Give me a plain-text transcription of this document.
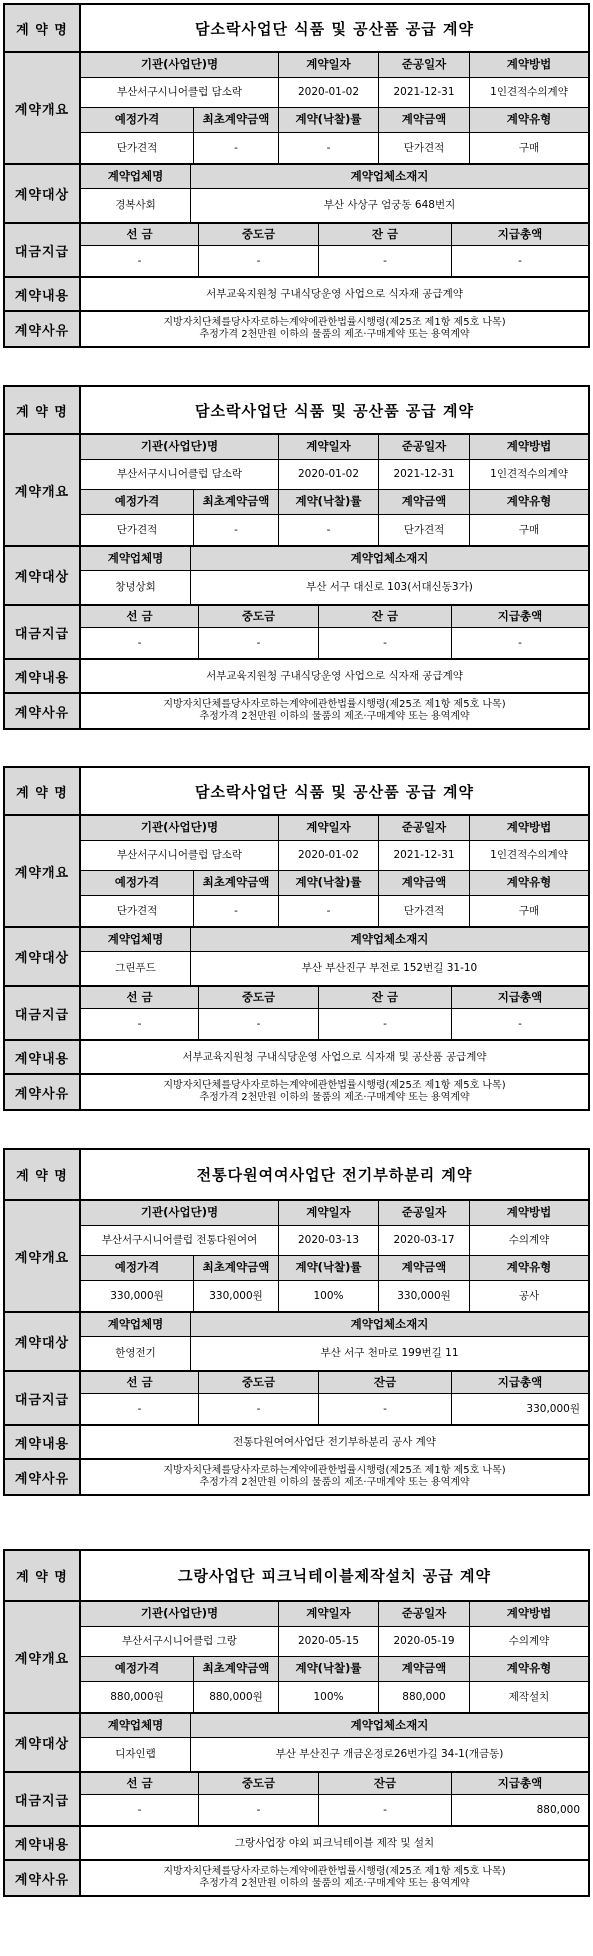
계 약 명	담소락사업단 식품 및 공산품 공급 계약
계약개요
기관(사업단)명	계약일자	준공일자	계약방법
부산서구시니어클럽 담소락	2020-01-02	2021-12-31	1인견적수의계약
예정가격	최초계약금액	계약(낙찰)률	계약금액	계약유형
단가견적	-	-	단가견적	구매
계약대상
계약업체명	계약업체소재지
경복사회	부산 사상구 엄궁동 648번지
대금지급
선 금	중도금	잔 금	지급총액
-	-	-	-
계약내용	서부교육지원청 구내식당운영 사업으로 식자재 공급계약
계약사유
지방자치단체를당사자로하는계약에관한법률시행령(제25조 제1항 제5호 나목)
추정가격 2천만원 이하의 물품의 제조·구매계약 또는 용역계약
계 약 명	담소락사업단 식품 및 공산품 공급 계약
계약개요
기관(사업단)명	계약일자	준공일자	계약방법
부산서구시니어클럽 담소락	2020-01-02	2021-12-31	1인견적수의계약
예정가격	최초계약금액	계약(낙찰)률	계약금액	계약유형
단가견적	-	-	단가견적	구매
계약대상
계약업체명	계약업체소재지
창녕상회	부산 서구 대신로 103(서대신동3가)
대금지급
선 금	중도금	잔 금	지급총액
-	-	-	-
계약내용	서부교육지원청 구내식당운영 사업으로 식자재 공급계약
계약사유
지방자치단체를당사자로하는계약에관한법률시행령(제25조 제1항 제5호 나목)
추정가격 2천만원 이하의 물품의 제조·구매계약 또는 용역계약
계 약 명	담소락사업단 식품 및 공산품 공급 계약
계약개요
기관(사업단)명	계약일자	준공일자	계약방법
부산서구시니어클럽 담소락	2020-01-02	2021-12-31	1인견적수의계약
예정가격	최초계약금액	계약(낙찰)률	계약금액	계약유형
단가견적	-	-	단가견적	구매
계약대상
계약업체명	계약업체소재지
그린푸드	부산 부산진구 부전로 152번길 31-10
대금지급
선 금	중도금	잔 금	지급총액
-	-	-	-
계약내용	서부교육지원청 구내식당운영 사업으로 식자재 및 공산품 공급계약
계약사유
지방자치단체를당사자로하는계약에관한법률시행령(제25조 제1항 제5호 나목)
추정가격 2천만원 이하의 물품의 제조·구매계약 또는 용역계약
계 약 명	전통다원여여사업단 전기부하분리 계약
계약개요
기관(사업단)명	계약일자	준공일자	계약방법
부산서구시니어클럽 전통다원여여	2020-03-13	2020-03-17	수의계약
예정가격	최초계약금액	계약(낙찰)률	계약금액	계약유형
330,000원	330,000원	100%	330,000원	공사
계약대상
계약업체명	계약업체소재지
한영전기	부산 서구 천마로 199번길 11
대금지급
선 금	중도금	잔금	지급총액
-	-	-	330,000원
계약내용	전통다원여여사업단 전기부하분리 공사 계약
계약사유
지방자치단체를당사자로하는계약에관한법률시행령(제25조 제1항 제5호 나목)
추정가격 2천만원 이하의 물품의 제조·구매계약 또는 용역계약
계 약 명	그랑사업단 피크닉테이블제작설치 공급 계약
계약개요
기관(사업단)명	계약일자	준공일자	계약방법
부산서구시니어클럽 그랑	2020-05-15	2020-05-19	수의계약
예정가격	최초계약금액	계약(낙찰)률	계약금액	계약유형
880,000원	880,000원	100%	880,000	제작설치
계약대상
계약업체명	계약업체소재지
디자인랩	부산 부산진구 개금온정로26번가길 34-1(개금동)
대금지급
선 금	중도금	잔금	지급총액
-	-	-	880,000
계약내용	그랑사업장 야외 피크닉테이블 제작 및 설치
계약사유
지방자치단체를당사자로하는계약에관한법률시행령(제25조 제1항 제5호 나목)
추정가격 2천만원 이하의 물품의 제조·구매계약 또는 용역계약
